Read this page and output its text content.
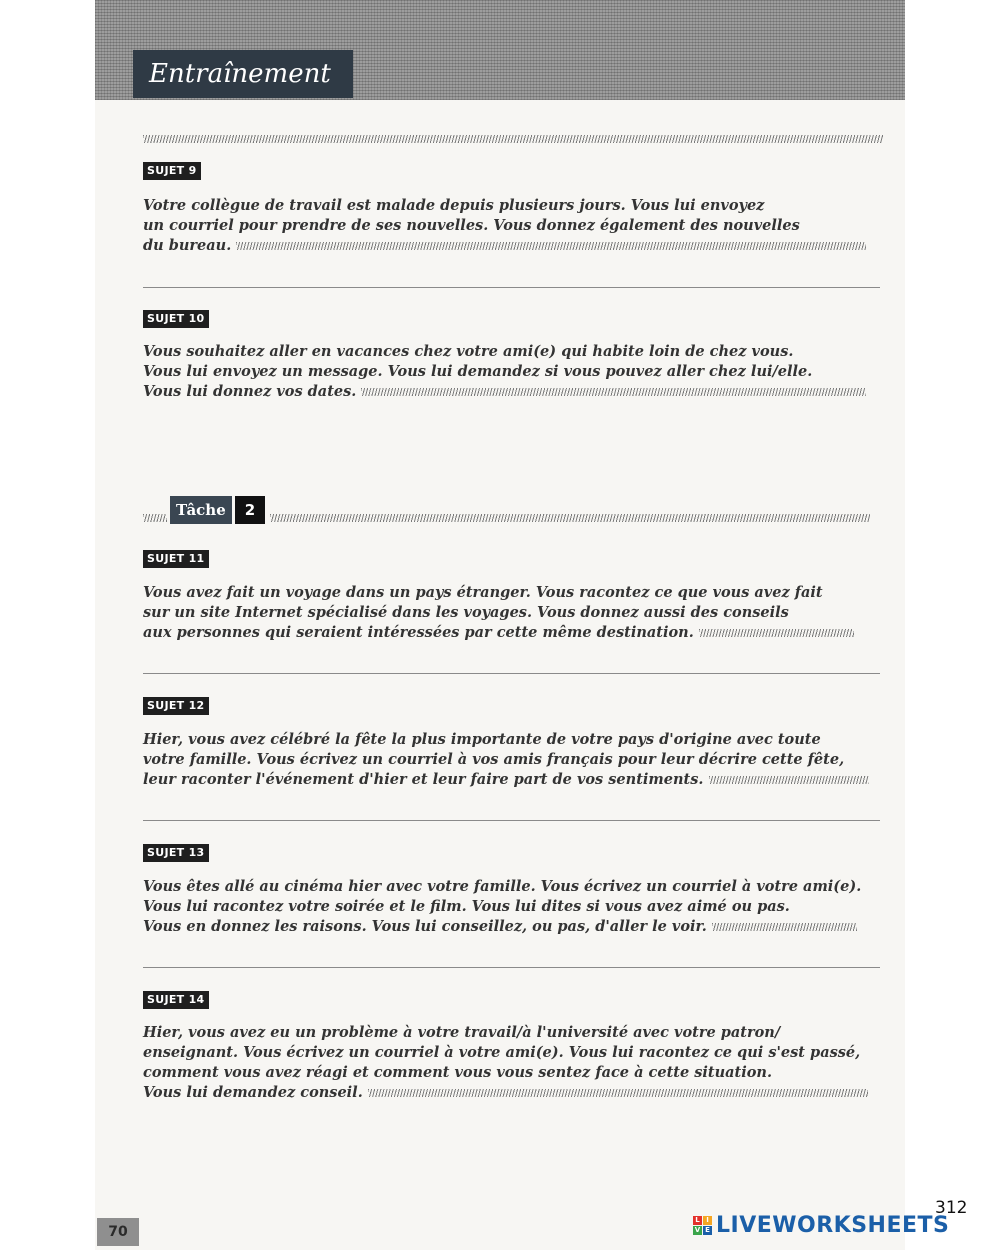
Entraînement
SUJET 9
Votre collègue de travail est malade depuis plusieurs jours. Vous lui envoyez
un courriel pour prendre de ses nouvelles. Vous donnez également des nouvelles
du bureau.
SUJET 10
Vous souhaitez aller en vacances chez votre ami(e) qui habite loin de chez vous.
Vous lui envoyez un message. Vous lui demandez si vous pouvez aller chez lui/elle.
Vous lui donnez vos dates.
Tâche	2
SUJET 11
Vous avez fait un voyage dans un pays étranger. Vous racontez ce que vous avez fait
sur un site Internet spécialisé dans les voyages. Vous donnez aussi des conseils
aux personnes qui seraient intéressées par cette même destination.
SUJET 12
Hier, vous avez célébré la fête la plus importante de votre pays d'origine avec toute
votre famille. Vous écrivez un courriel à vos amis français pour leur décrire cette fête,
leur raconter l'événement d'hier et leur faire part de vos sentiments.
SUJET 13
Vous êtes allé au cinéma hier avec votre famille. Vous écrivez un courriel à votre ami(e).
Vous lui racontez votre soirée et le film. Vous lui dites si vous avez aimé ou pas.
Vous en donnez les raisons. Vous lui conseillez, ou pas, d'aller le voir.
SUJET 14
Hier, vous avez eu un problème à votre travail/à l'université avec votre patron/
enseignant. Vous écrivez un courriel à votre ami(e). Vous lui racontez ce qui s'est passé,
comment vous avez réagi et comment vous vous sentez face à cette situation.
Vous lui demandez conseil.
70
312
L I
V E LIVEWORKSHEETS
